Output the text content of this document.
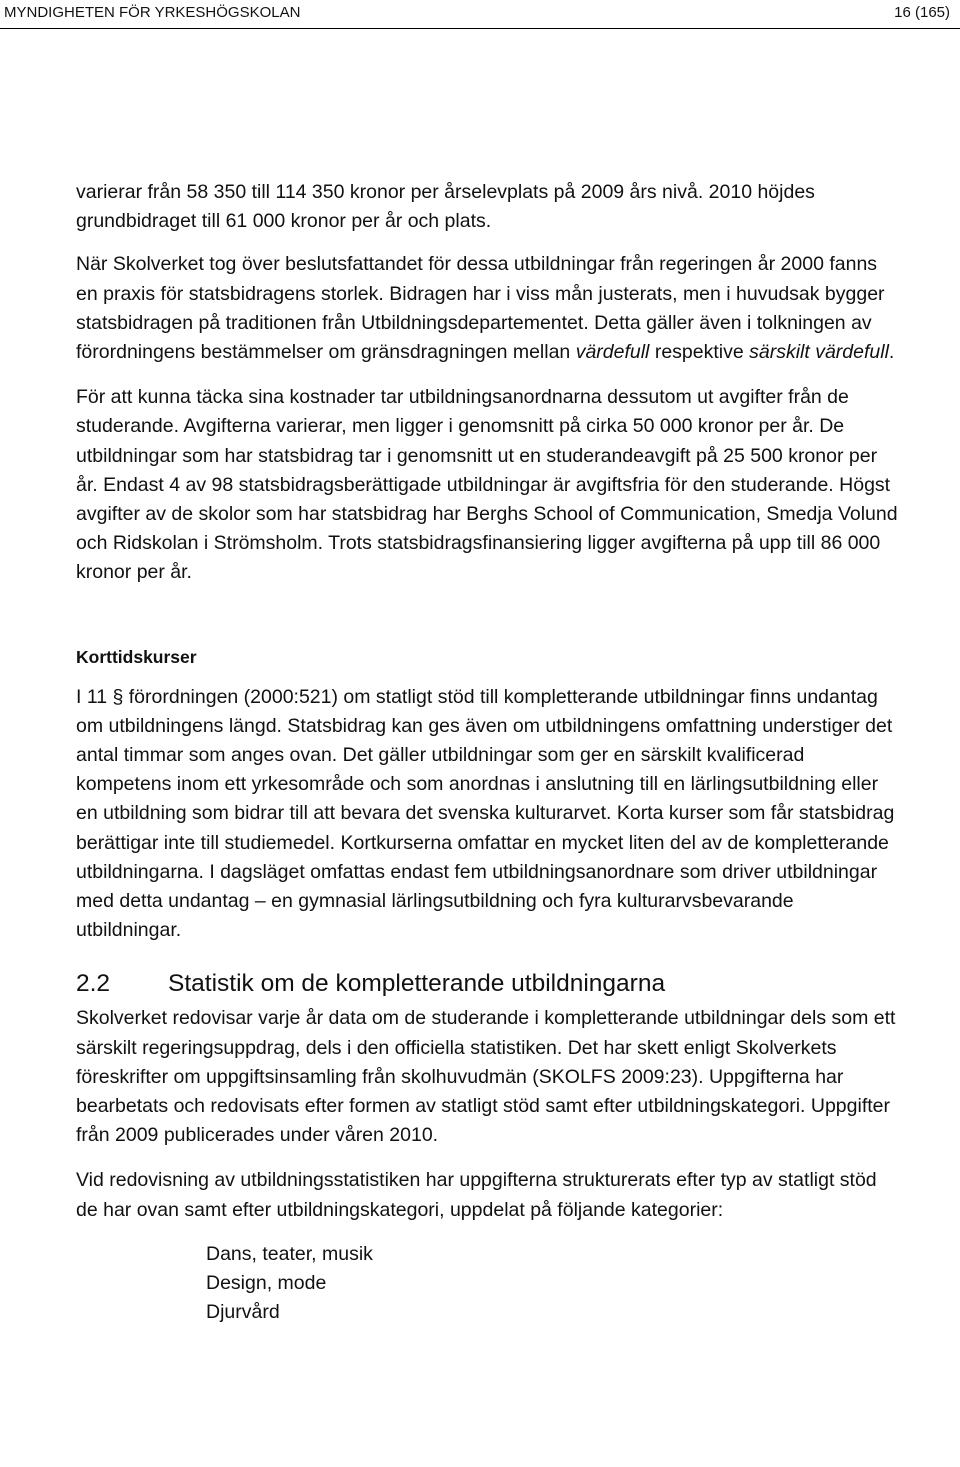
MYNDIGHETEN FÖR YRKESHÖGSKOLAN	16 (165)

varierar från 58 350 till 114 350 kronor per årselevplats på 2009 års nivå. 2010 höjdes grundbidraget till 61 000 kronor per år och plats.

När Skolverket tog över beslutsfattandet för dessa utbildningar från regeringen år 2000 fanns en praxis för statsbidragens storlek. Bidragen har i viss mån justerats, men i huvudsak bygger statsbidragen på traditionen från Utbildningsdepartementet. Detta gäller även i tolkningen av förordningens bestämmelser om gränsdragningen mellan värdefull respektive särskilt värdefull.

För att kunna täcka sina kostnader tar utbildningsanordnarna dessutom ut avgifter från de studerande. Avgifterna varierar, men ligger i genomsnitt på cirka 50 000 kronor per år. De utbildningar som har statsbidrag tar i genomsnitt ut en studerandeavgift på 25 500 kronor per år. Endast 4 av 98 statsbidragsberättigade utbildningar är avgiftsfria för den studerande. Högst avgifter av de skolor som har statsbidrag har Berghs School of Communication, Smedja Volund och Ridskolan i Strömsholm. Trots statsbidragsfinansiering ligger avgifterna på upp till 86 000 kronor per år.

Korttidskurser

I 11 § förordningen (2000:521) om statligt stöd till kompletterande utbildningar finns undantag om utbildningens längd. Statsbidrag kan ges även om utbildningens omfattning understiger det antal timmar som anges ovan. Det gäller utbildningar som ger en särskilt kvalificerad kompetens inom ett yrkesområde och som anordnas i anslutning till en lärlingsutbildning eller en utbildning som bidrar till att bevara det svenska kulturarvet. Korta kurser som får statsbidrag berättigar inte till studiemedel. Kortkurserna omfattar en mycket liten del av de kompletterande utbildningarna. I dagsläget omfattas endast fem utbildningsanordnare som driver utbildningar med detta undantag – en gymnasial lärlingsutbildning och fyra kulturarvsbevarande utbildningar.

2.2	Statistik om de kompletterande utbildningarna

Skolverket redovisar varje år data om de studerande i kompletterande utbildningar dels som ett särskilt regeringsuppdrag, dels i den officiella statistiken. Det har skett enligt Skolverkets föreskrifter om uppgiftsinsamling från skolhuvudmän (SKOLFS 2009:23). Uppgifterna har bearbetats och redovisats efter formen av statligt stöd samt efter utbildningskategori. Uppgifter från 2009 publicerades under våren 2010.

Vid redovisning av utbildningsstatistiken har uppgifterna strukturerats efter typ av statligt stöd de har ovan samt efter utbildningskategori, uppdelat på följande kategorier:

Dans, teater, musik
Design, mode
Djurvård
